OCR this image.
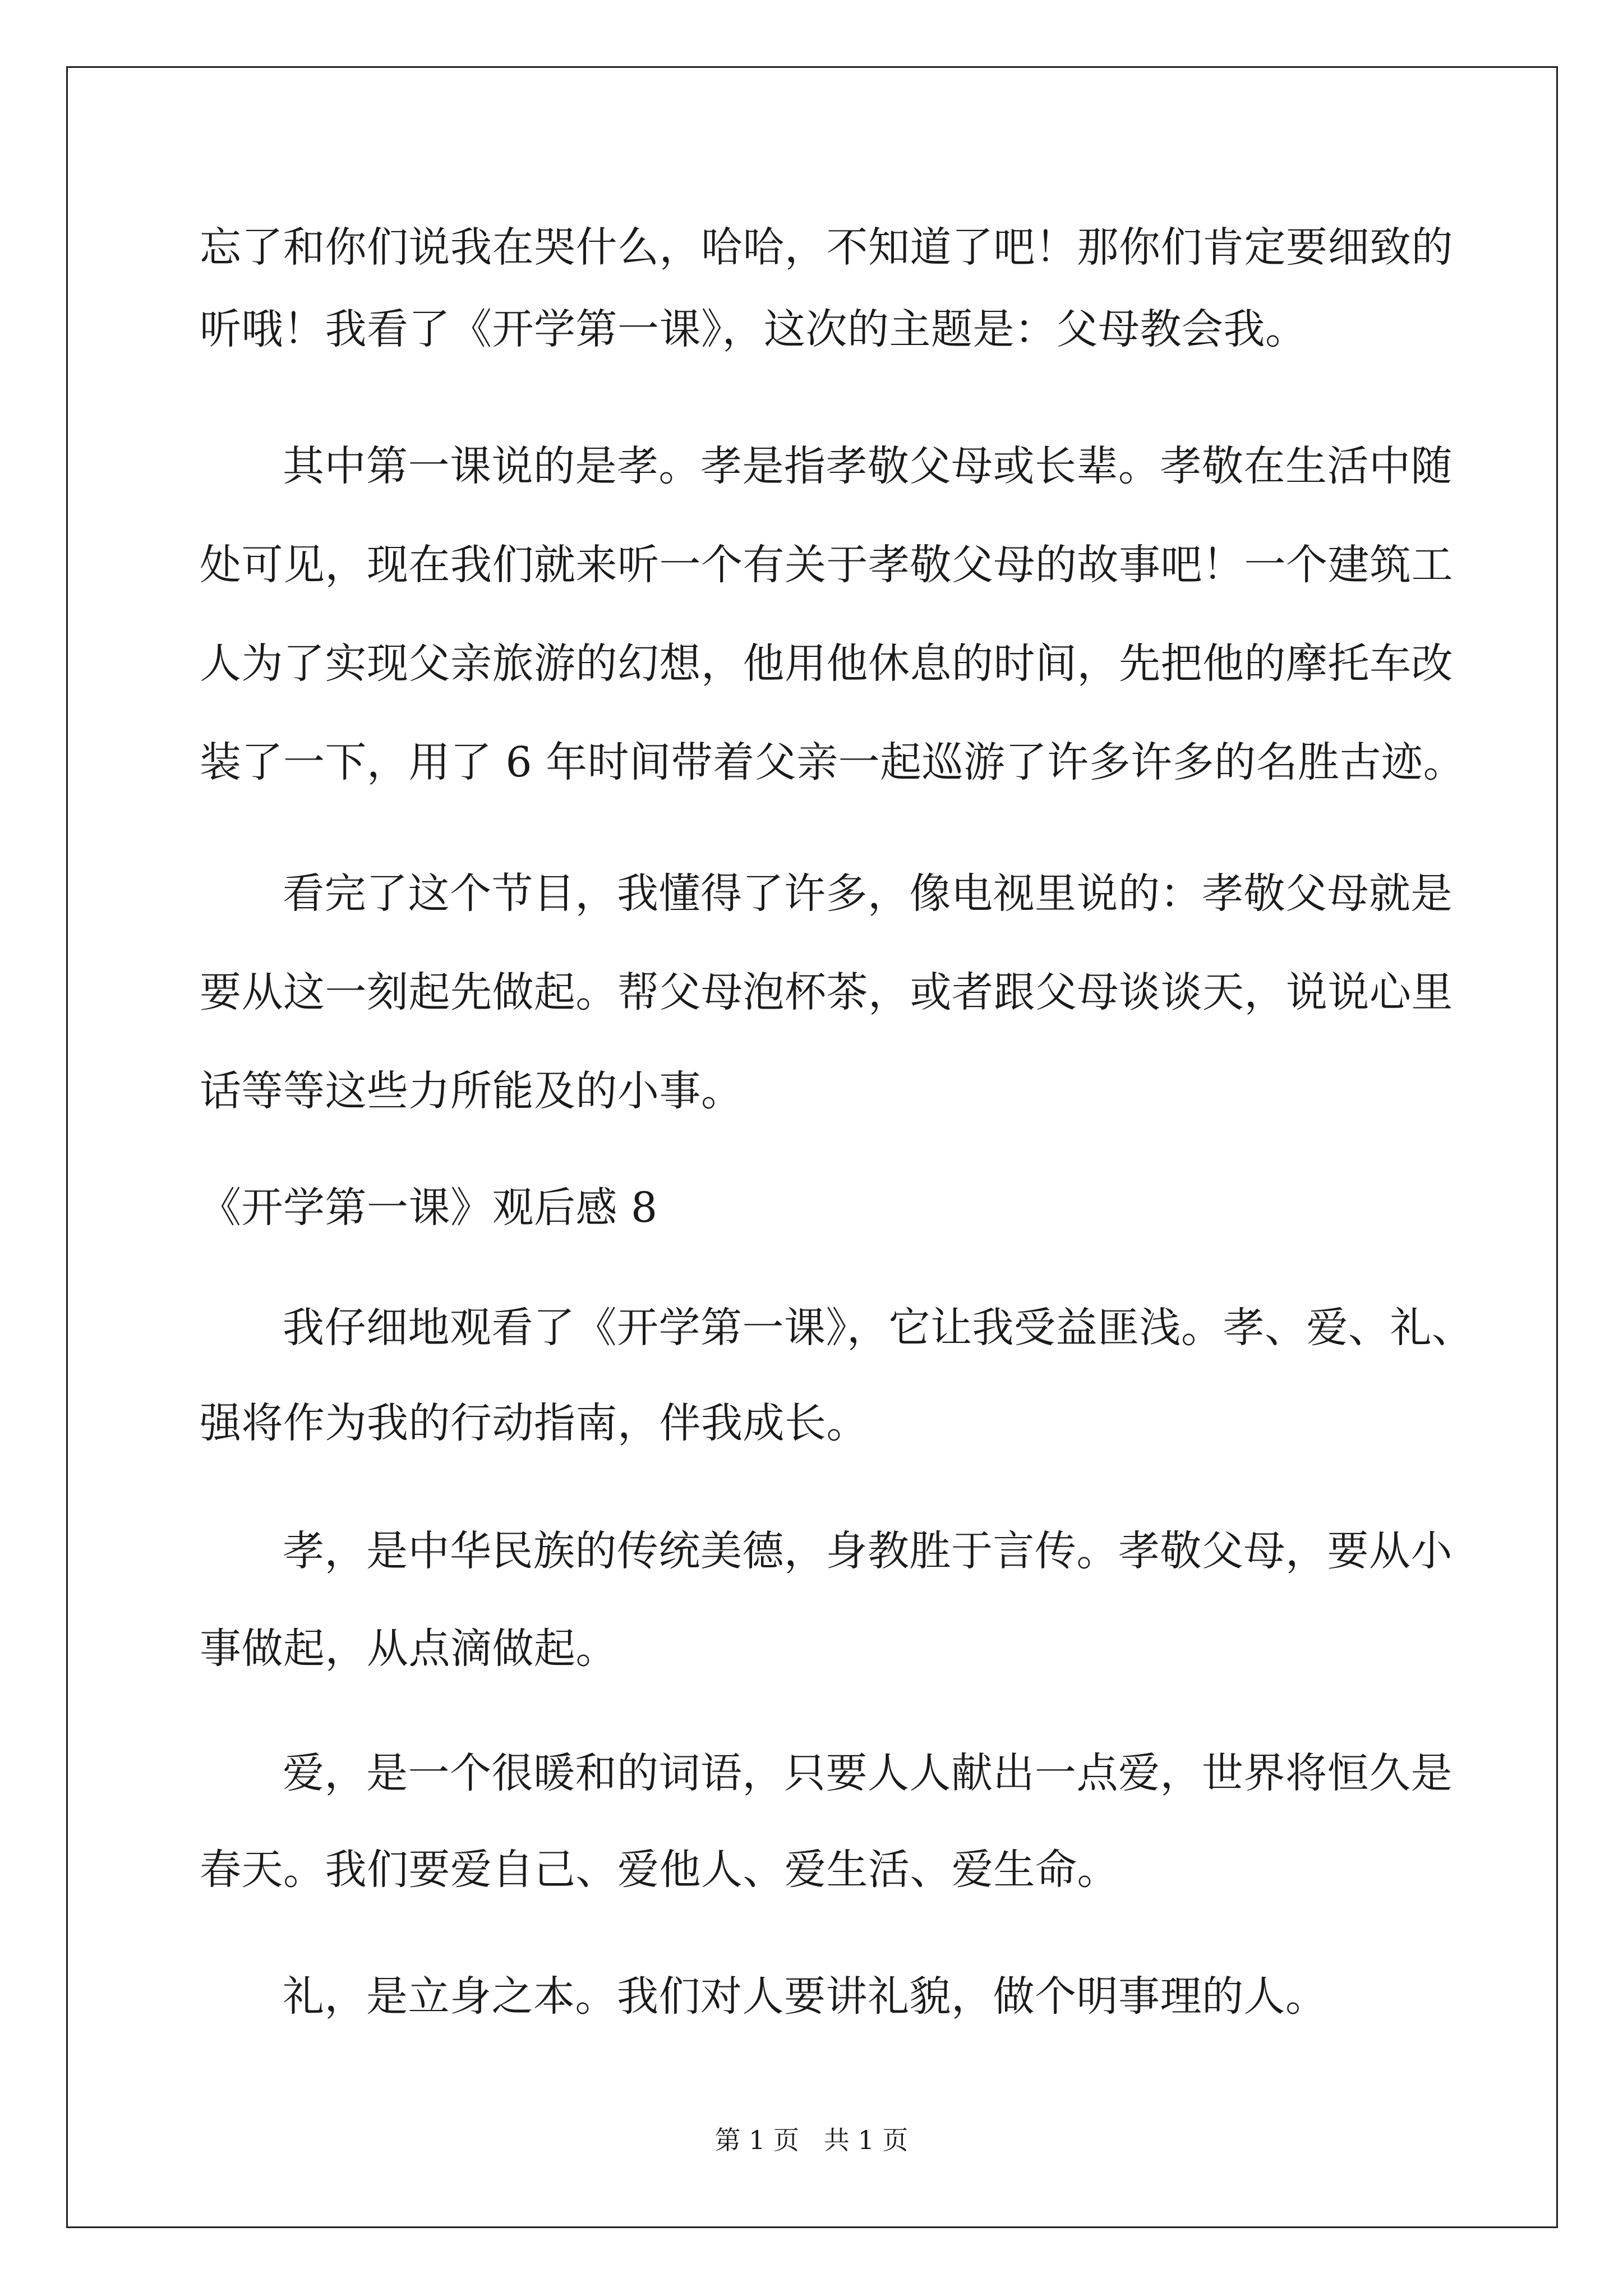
忘了和你们说我在哭什么，哈哈，不知道了吧！那你们肯定要细致的
听哦！我看了《开学第一课》，这次的主题是：父母教会我。
其中第一课说的是孝。孝是指孝敬父母或长辈。孝敬在生活中随
处可见，现在我们就来听一个有关于孝敬父母的故事吧！一个建筑工
人为了实现父亲旅游的幻想，他用他休息的时间，先把他的摩托车改
装了一下，用了 6 年时间带着父亲一起巡游了许多许多的名胜古迹。
看完了这个节目，我懂得了许多，像电视里说的：孝敬父母就是
要从这一刻起先做起。帮父母泡杯茶，或者跟父母谈谈天，说说心里
话等等这些力所能及的小事。
《开学第一课》观后感 8
我仔细地观看了《开学第一课》，它让我受益匪浅。孝、爱、礼、
强将作为我的行动指南，伴我成长。
孝，是中华民族的传统美德，身教胜于言传。孝敬父母，要从小
事做起，从点滴做起。
爱，是一个很暖和的词语，只要人人献出一点爱，世界将恒久是
春天。我们要爱自己、爱他人、爱生活、爱生命。
礼，是立身之本。我们对人要讲礼貌，做个明事理的人。
第 1 页   共 1 页
